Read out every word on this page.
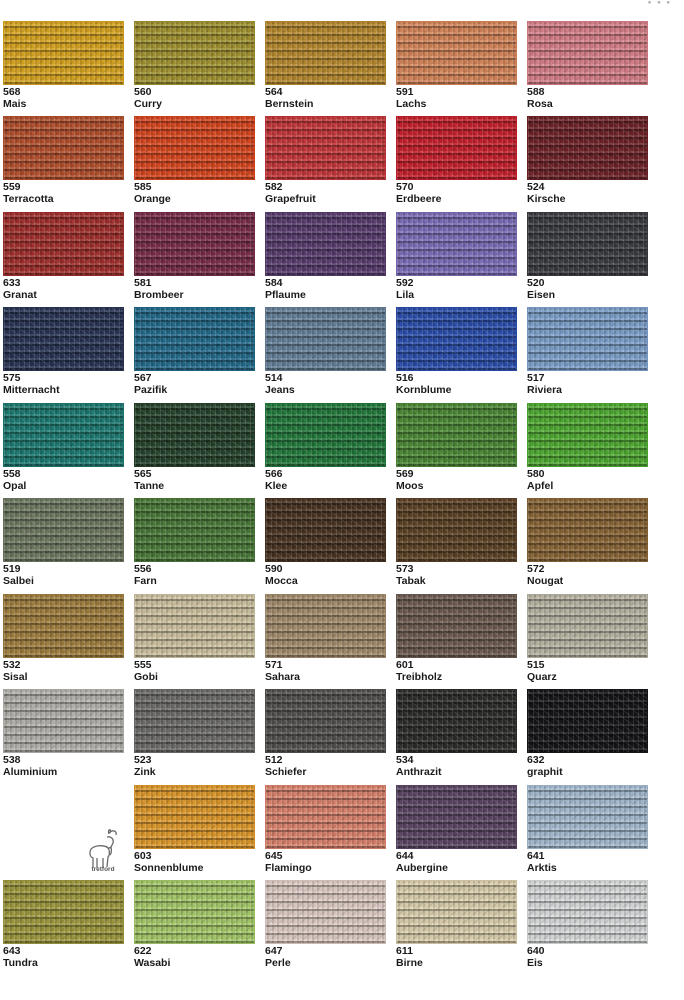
● ● ●
568
Mais
560
Curry
564
Bernstein
591
Lachs
588
Rosa
559
Terracotta
585
Orange
582
Grapefruit
570
Erdbeere
524
Kirsche
633
Granat
581
Brombeer
584
Pflaume
592
Lila
520
Eisen
575
Mitternacht
567
Pazifik
514
Jeans
516
Kornblume
517
Riviera
558
Opal
565
Tanne
566
Klee
569
Moos
580
Apfel
519
Salbei
556
Farn
590
Mocca
573
Tabak
572
Nougat
532
Sisal
555
Gobi
571
Sahara
601
Treibholz
515
Quarz
538
Aluminium
523
Zink
512
Schiefer
534
Anthrazit
632
graphit
603
Sonnenblume
645
Flamingo
644
Aubergine
641
Arktis
643
Tundra
622
Wasabi
647
Perle
611
Birne
640
Eis
tretford
